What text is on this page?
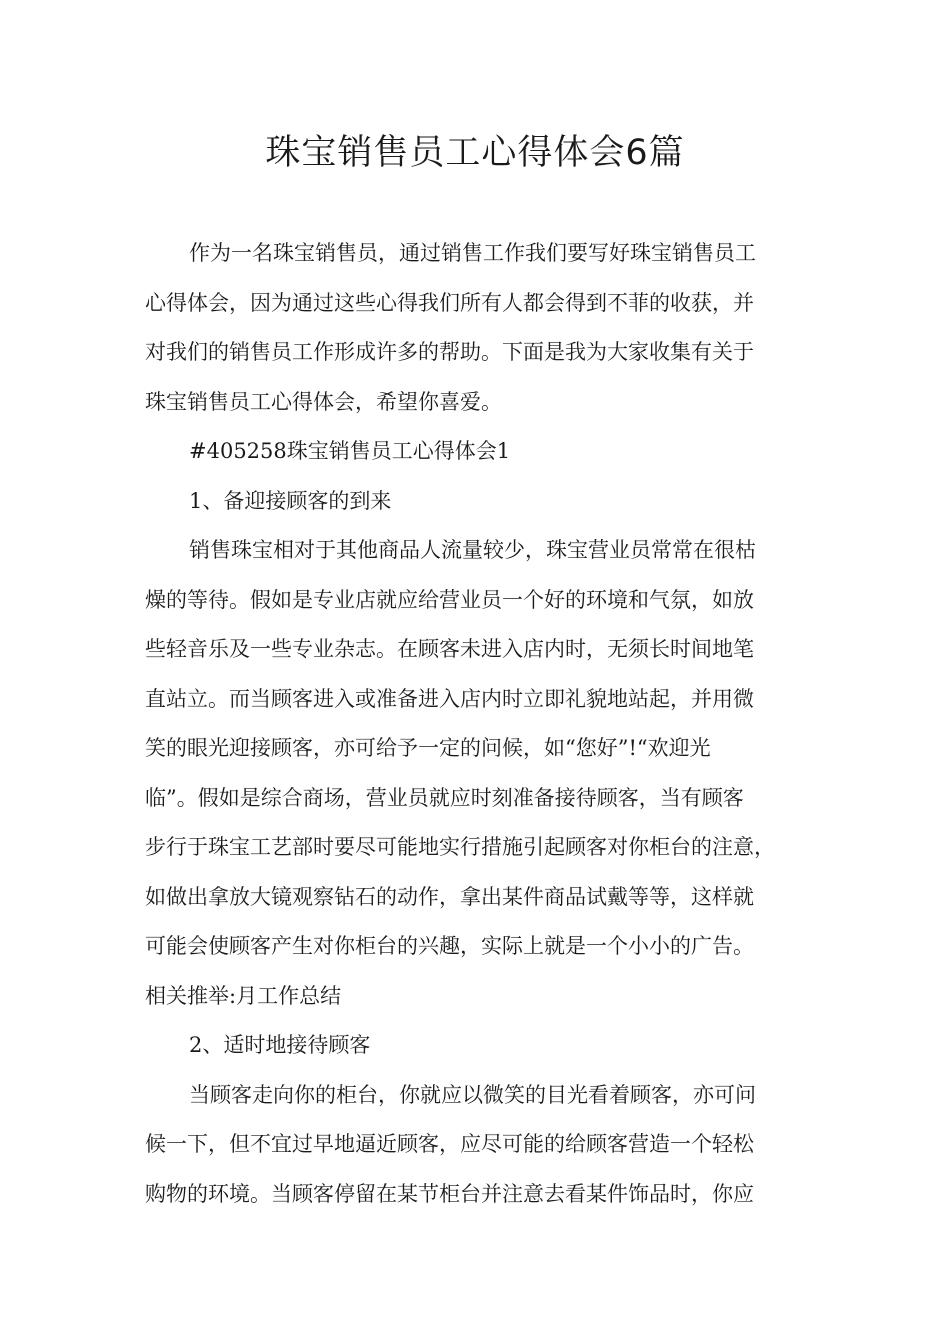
珠宝销售员工心得体会6篇
作为一名珠宝销售员，通过销售工作我们要写好珠宝销售员工
心得体会，因为通过这些心得我们所有人都会得到不菲的收获，并
对我们的销售员工作形成许多的帮助。下面是我为大家收集有关于
珠宝销售员工心得体会，希望你喜爱。
#405258珠宝销售员工心得体会1
1、备迎接顾客的到来
销售珠宝相对于其他商品人流量较少，珠宝营业员常常在很枯
燥的等待。假如是专业店就应给营业员一个好的环境和气氛，如放
些轻音乐及一些专业杂志。在顾客未进入店内时，无须长时间地笔
直站立。而当顾客进入或准备进入店内时立即礼貌地站起，并用微
笑的眼光迎接顾客，亦可给予一定的问候，如“您好”!“欢迎光
临”。假如是综合商场，营业员就应时刻准备接待顾客，当有顾客
步行于珠宝工艺部时要尽可能地实行措施引起顾客对你柜台的注意，
如做出拿放大镜观察钻石的动作，拿出某件商品试戴等等，这样就
可能会使顾客产生对你柜台的兴趣，实际上就是一个小小的广告。
相关推举:月工作总结
2、适时地接待顾客
当顾客走向你的柜台，你就应以微笑的目光看着顾客，亦可问
候一下，但不宜过早地逼近顾客，应尽可能的给顾客营造一个轻松
购物的环境。当顾客停留在某节柜台并注意去看某件饰品时，你应
